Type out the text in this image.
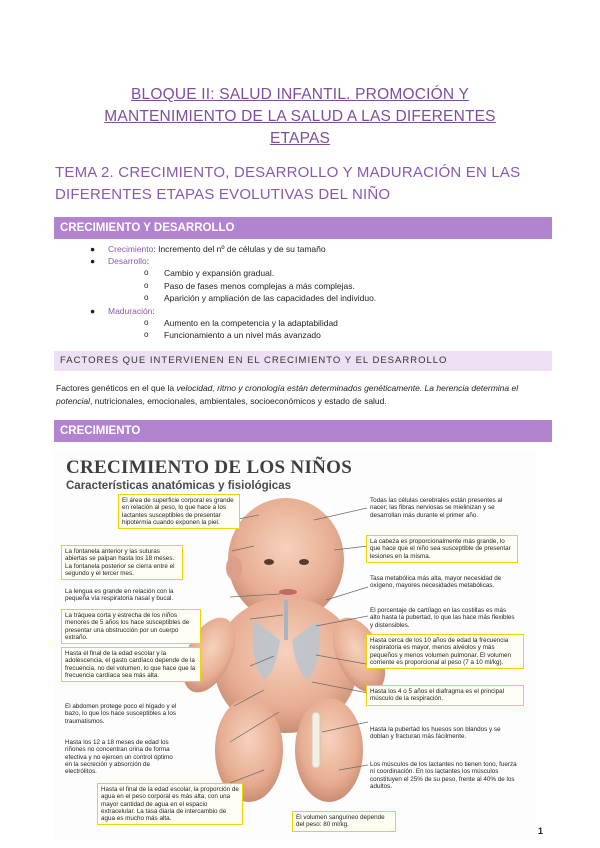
BLOQUE II: SALUD INFANTIL. PROMOCIÓN Y
MANTENIMIENTO DE LA SALUD A LAS DIFERENTES
ETAPAS
TEMA 2. CRECIMIENTO, DESARROLLO Y MADURACIÓN EN LAS
DIFERENTES ETAPAS EVOLUTIVAS DEL NIÑO
CRECIMIENTO Y DESARROLLO
● Crecimiento: Incremento del nº de células y de su tamaño
● Desarrollo:
o Cambio y expansión gradual.
o Paso de fases menos complejas a más complejas.
o Aparición y ampliación de las capacidades del individuo.
● Maduración:
o Aumento en la competencia y la adaptabilidad
o Funcionamiento a un nivel más avanzado
FACTORES QUE INTERVIENEN EN EL CRECIMIENTO Y EL DESARROLLO
Factores genéticos en el que la velocidad, ritmo y cronología están determinados genéticamente. La herencia determina el potencial, nutricionales, emocionales, ambientales, socioeconómicos y estado de salud.
CRECIMIENTO
CRECIMIENTO DE LOS NIÑOS
Características anatómicas y fisiológicas
El área de superficie corporal es grande en relación al peso, lo que hace a los lactantes susceptibles de presentar hipotermia cuando exponen la piel.
La fontanela anterior y las suturas abiertas se palpan hasta los 18 meses. La fontanela posterior se cierra entre el segundo y el tercer mes.
La lengua es grande en relación con la pequeña vía respiratoria nasal y bucal.
La tráquea corta y estrecha de los niños menores de 5 años los hace susceptibles de presentar una obstrucción por un cuerpo extraño.
Hasta el final de la edad escolar y la adolescencia, el gasto cardíaco depende de la frecuencia, no del volumen, lo que hace que la frecuencia cardíaca sea más alta.
El abdomen protege poco el hígado y el bazo, lo que los hace susceptibles a los traumatismos.
Hasta los 12 a 18 meses de edad los riñones no concentran orina de forma efectiva y no ejercen un control óptimo en la secreción y absorción de electrólitos.
Hasta el final de la edad escolar, la proporción de agua en el peso corporal es más alta, con una mayor cantidad de agua en el espacio extracelular. La tasa diaria de intercambio de agua es mucho más alta.
Todas las células cerebrales están presentes al nacer; las fibras nerviosas se mielinizan y se desarrollan más durante el primer año.
La cabeza es proporcionalmente más grande, lo que hace que el niño sea susceptible de presentar lesiones en la misma.
Tasa metabólica más alta, mayor necesidad de oxígeno, mayores necesidades metabólicas.
El porcentaje de cartílago en las costillas es más alto hasta la pubertad, lo que las hace más flexibles y distensibles.
Hasta cerca de los 10 años de edad la frecuencia respiratoria es mayor, menos alvéolos y más pequeños y menos volumen pulmonar. El volumen corriente es proporcional al peso (7 a 10 ml/kg).
Hasta los 4 o 5 años el diafragma es el principal músculo de la respiración.
Hasta la pubertad los huesos son blandos y se doblan y fracturan más fácilmente.
Los músculos de los lactantes no tienen tono, fuerza ni coordinación. En los lactantes los músculos constituyen el 25% de su peso, frente al 40% de los adultos.
El volumen sanguíneo depende del peso: 80 ml/kg.
1
